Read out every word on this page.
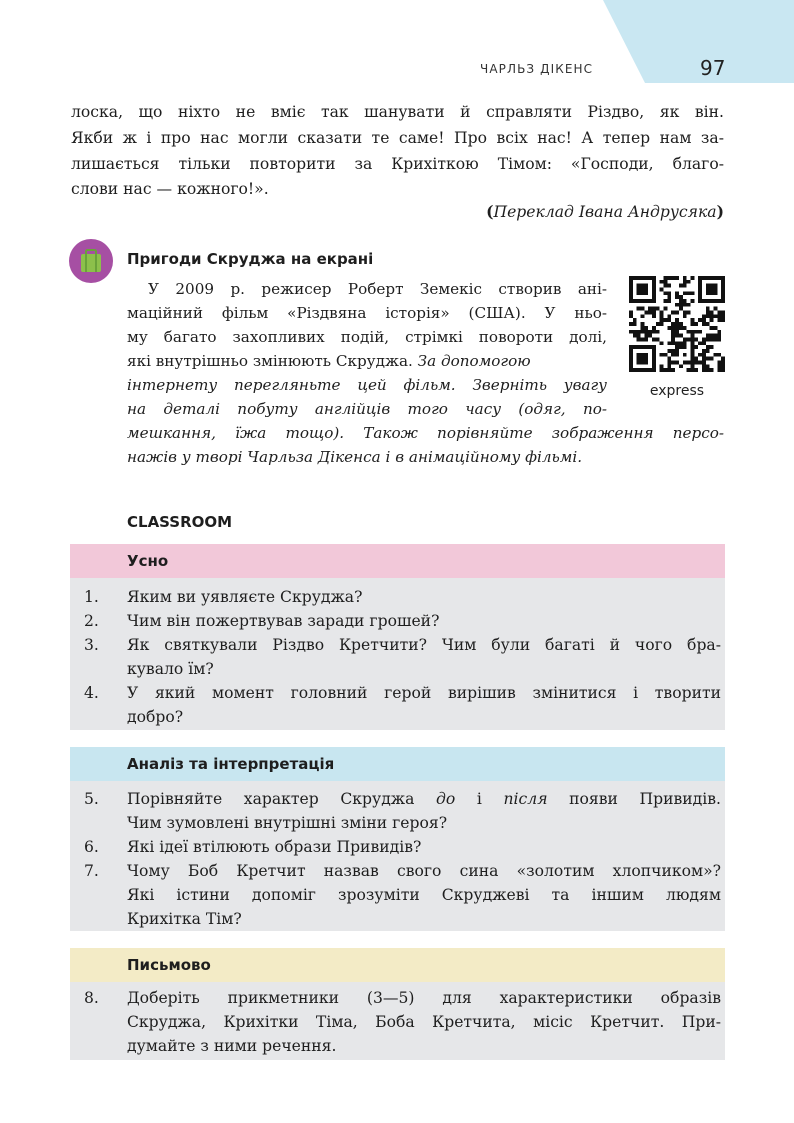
ЧАРЛЬЗ ДІКЕНС	97

лоска, що ніхто не вміє так шанувати й справляти Різдво, як він.

Якби ж і про нас могли сказати те саме! Про всіх нас! А тепер нам за-

лишається тільки повторити за Крихіткою Тімом: «Господи, благо-

слови нас — кожного!».

(Переклад Івана Андрусяка)
Пригоди Скруджа на екрані

У 2009 р. режисер Роберт Земекіс створив ані-

маційний фільм «Різдвяна історія» (США). У ньо-

му багато захопливих подій, стрімкі повороти долі,

які внутрішньо змінюють Скруджа. За допомогою

інтернету перегляньте цей фільм. Зверніть увагу

на деталі побуту англійців того часу (одяг, по-

мешкання, їжа тощо). Також порівняйте зображення персо-

нажів у творі Чарльза Дікенса і в анімаційному фільмі.

express
CLASSROOM
Усно
1. Яким ви уявляєте Скруджа?
2. Чим він пожертвував заради грошей?
3. Як святкували Різдво Кретчити? Чим були багаті й чого бра-
кувало їм?
4. У який момент головний герой вирішив змінитися і творити
добро?
Аналіз та інтерпретація
5. Порівняйте характер Скруджа до і після появи Привидів.
Чим зумовлені внутрішні зміни героя?
6. Які ідеї втілюють образи Привидів?
7. Чому Боб Кретчит назвав свого сина «золотим хлопчиком»?
Які істини допоміг зрозуміти Скруджеві та іншим людям
Крихітка Тім?
Письмово
8. Доберіть прикметники (3—5) для характеристики образів
Скруджа, Крихітки Тіма, Боба Кретчита, місіс Кретчит. При-
думайте з ними речення.
